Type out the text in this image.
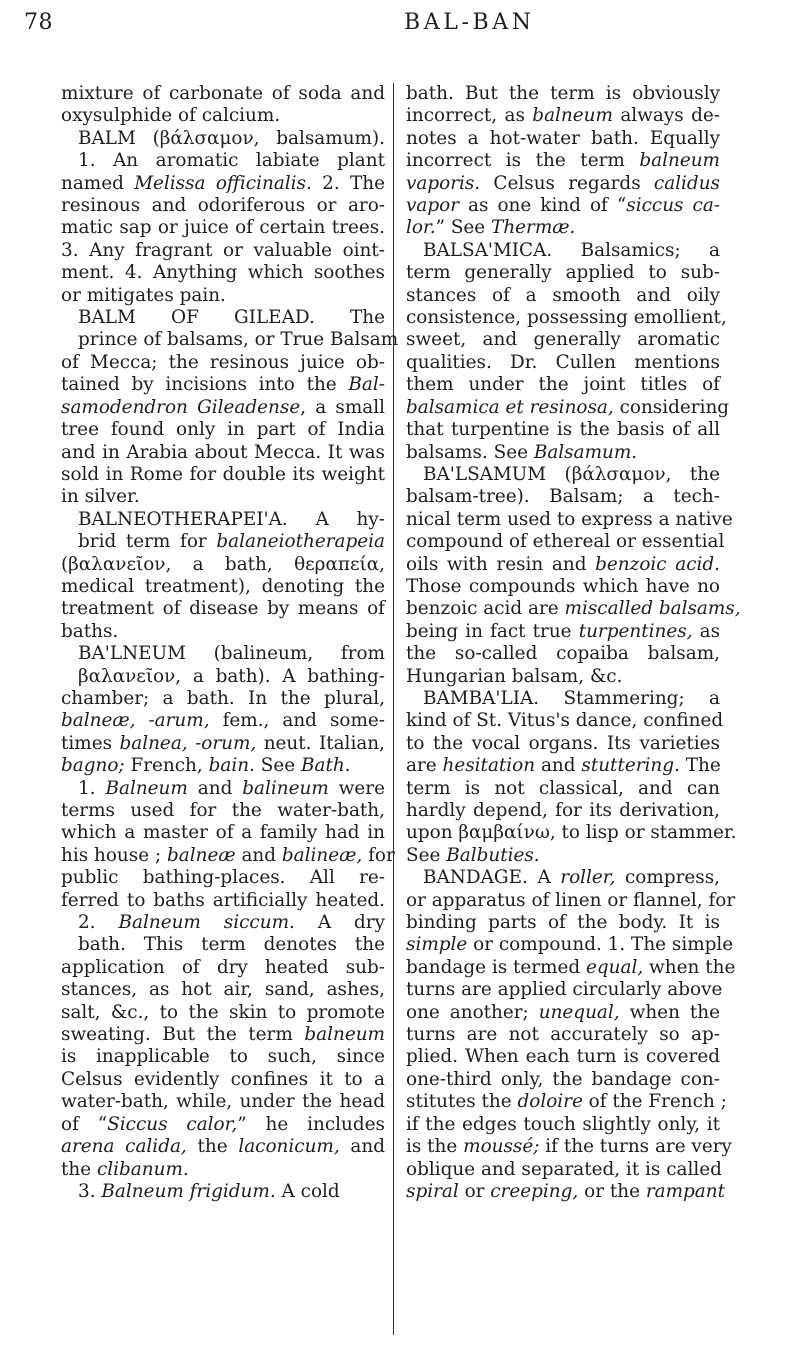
78	BAL-BAN
mixture of carbonate of soda and
oxysulphide of calcium.
BALM (βάλσαμον, balsamum).
1. An aromatic labiate plant
named Melissa officinalis. 2. The
resinous and odoriferous or aro-
matic sap or juice of certain trees.
3. Any fragrant or valuable oint-
ment. 4. Anything which soothes
or mitigates pain.
BALM OF GILEAD. The
prince of balsams, or True Balsam
of Mecca; the resinous juice ob-
tained by incisions into the Bal-
samodendron Gileadense, a small
tree found only in part of India
and in Arabia about Mecca. It was
sold in Rome for double its weight
in silver.
BALNEOTHERAPEI'A. A hy-
brid term for balaneiotherapeia
(βαλανεῖον, a bath, θεραπεία,
medical treatment), denoting the
treatment of disease by means of
baths.
BA'LNEUM (balineum, from
βαλανεῖον, a bath). A bathing-
chamber; a bath. In the plural,
balneæ, -arum, fem., and some-
times balnea, -orum, neut. Italian,
bagno; French, bain. See Bath.
1. Balneum and balineum were
terms used for the water-bath,
which a master of a family had in
his house ; balneæ and balineæ, for
public bathing-places. All re-
ferred to baths artificially heated.
2. Balneum siccum. A dry
bath. This term denotes the
application of dry heated sub-
stances, as hot air, sand, ashes,
salt, &c., to the skin to promote
sweating. But the term balneum
is inapplicable to such, since
Celsus evidently confines it to a
water-bath, while, under the head
of “Siccus calor,” he includes
arena calida, the laconicum, and
the clibanum.
3. Balneum frigidum. A cold
bath. But the term is obviously
incorrect, as balneum always de-
notes a hot-water bath. Equally
incorrect is the term balneum
vaporis. Celsus regards calidus
vapor as one kind of “siccus ca-
lor.” See Thermæ.
BALSA'MICA. Balsamics; a
term generally applied to sub-
stances of a smooth and oily
consistence, possessing emollient,
sweet, and generally aromatic
qualities. Dr. Cullen mentions
them under the joint titles of
balsamica et resinosa, considering
that turpentine is the basis of all
balsams. See Balsamum.
BA'LSAMUM (βάλσαμον, the
balsam-tree). Balsam; a tech-
nical term used to express a native
compound of ethereal or essential
oils with resin and benzoic acid.
Those compounds which have no
benzoic acid are miscalled balsams,
being in fact true turpentines, as
the so-called copaiba balsam,
Hungarian balsam, &c.
BAMBA'LIA. Stammering; a
kind of St. Vitus's dance, confined
to the vocal organs. Its varieties
are hesitation and stuttering. The
term is not classical, and can
hardly depend, for its derivation,
upon βαμβαίνω, to lisp or stammer.
See Balbuties.
BANDAGE. A roller, compress,
or apparatus of linen or flannel, for
binding parts of the body. It is
simple or compound. 1. The simple
bandage is termed equal, when the
turns are applied circularly above
one another; unequal, when the
turns are not accurately so ap-
plied. When each turn is covered
one-third only, the bandage con-
stitutes the doloire of the French ;
if the edges touch slightly only, it
is the moussé; if the turns are very
oblique and separated, it is called
spiral or creeping, or the rampant
